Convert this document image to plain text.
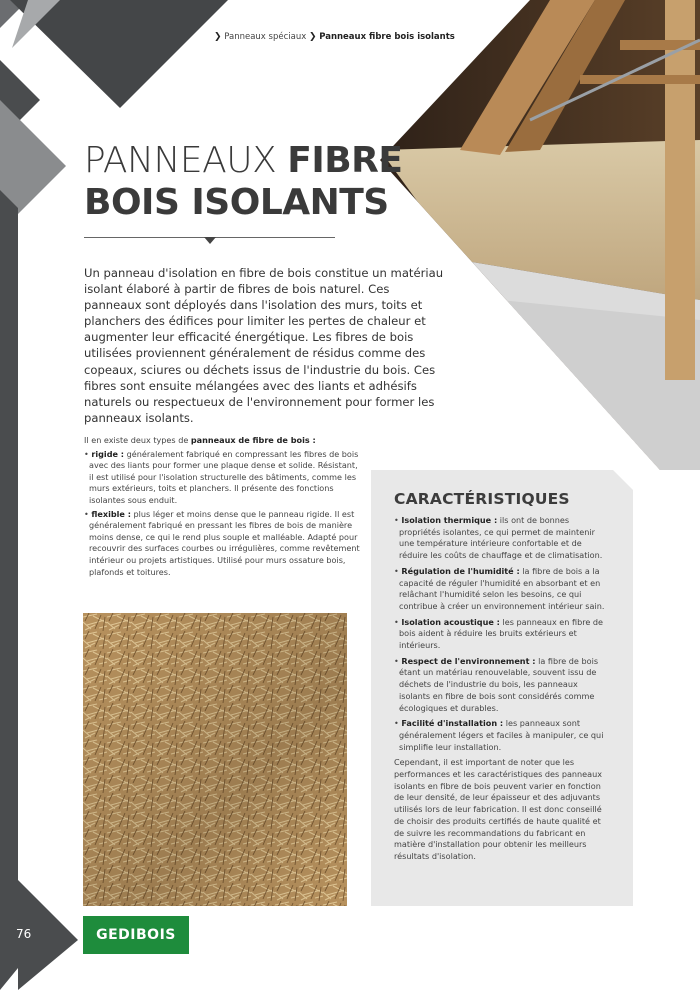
❯ Panneaux spéciaux ❯ Panneaux fibre bois isolants
PANNEAUX FIBRE
BOIS ISOLANTS
Un panneau d'isolation en fibre de bois constitue un matériau isolant élaboré à partir de fibres de bois naturel. Ces panneaux sont déployés dans l'isolation des murs, toits et planchers des édifices pour limiter les pertes de chaleur et augmenter leur efficacité énergétique. Les fibres de bois utilisées proviennent généralement de résidus comme des copeaux, sciures ou déchets issus de l'industrie du bois. Ces fibres sont ensuite mélangées avec des liants et adhésifs naturels ou respectueux de l'environnement pour former les panneaux isolants.

Il en existe deux types de panneaux de fibre de bois :

• rigide : généralement fabriqué en compressant les fibres de bois avec des liants pour former une plaque dense et solide. Résistant, il est utilisé pour l'isolation structurelle des bâtiments, comme les murs extérieurs, toits et planchers. Il présente des fonctions isolantes sous enduit.

• flexible : plus léger et moins dense que le panneau rigide. Il est généralement fabriqué en pressant les fibres de bois de manière moins dense, ce qui le rend plus souple et malléable. Adapté pour recouvrir des surfaces courbes ou irrégulières, comme revêtement intérieur ou projets artistiques. Utilisé pour murs ossature bois, plafonds et toitures.

CARACTÉRISTIQUES

• Isolation thermique : ils ont de bonnes propriétés isolantes, ce qui permet de maintenir une température intérieure confortable et de réduire les coûts de chauffage et de climatisation.

• Régulation de l'humidité : la fibre de bois a la capacité de réguler l'humidité en absorbant et en relâchant l'humidité selon les besoins, ce qui contribue à créer un environnement intérieur sain.

• Isolation acoustique : les panneaux en fibre de bois aident à réduire les bruits extérieurs et intérieurs.

• Respect de l'environnement : la fibre de bois étant un matériau renouvelable, souvent issu de déchets de l'industrie du bois, les panneaux isolants en fibre de bois sont considérés comme écologiques et durables.

• Facilité d'installation : les panneaux sont généralement légers et faciles à manipuler, ce qui simplifie leur installation.

Cependant, il est important de noter que les performances et les caractéristiques des panneaux isolants en fibre de bois peuvent varier en fonction de leur densité, de leur épaisseur et des adjuvants utilisés lors de leur fabrication. Il est donc conseillé de choisir des produits certifiés de haute qualité et de suivre les recommandations du fabricant en matière d'installation pour obtenir les meilleurs résultats d'isolation.

76	GEDIBOIS
